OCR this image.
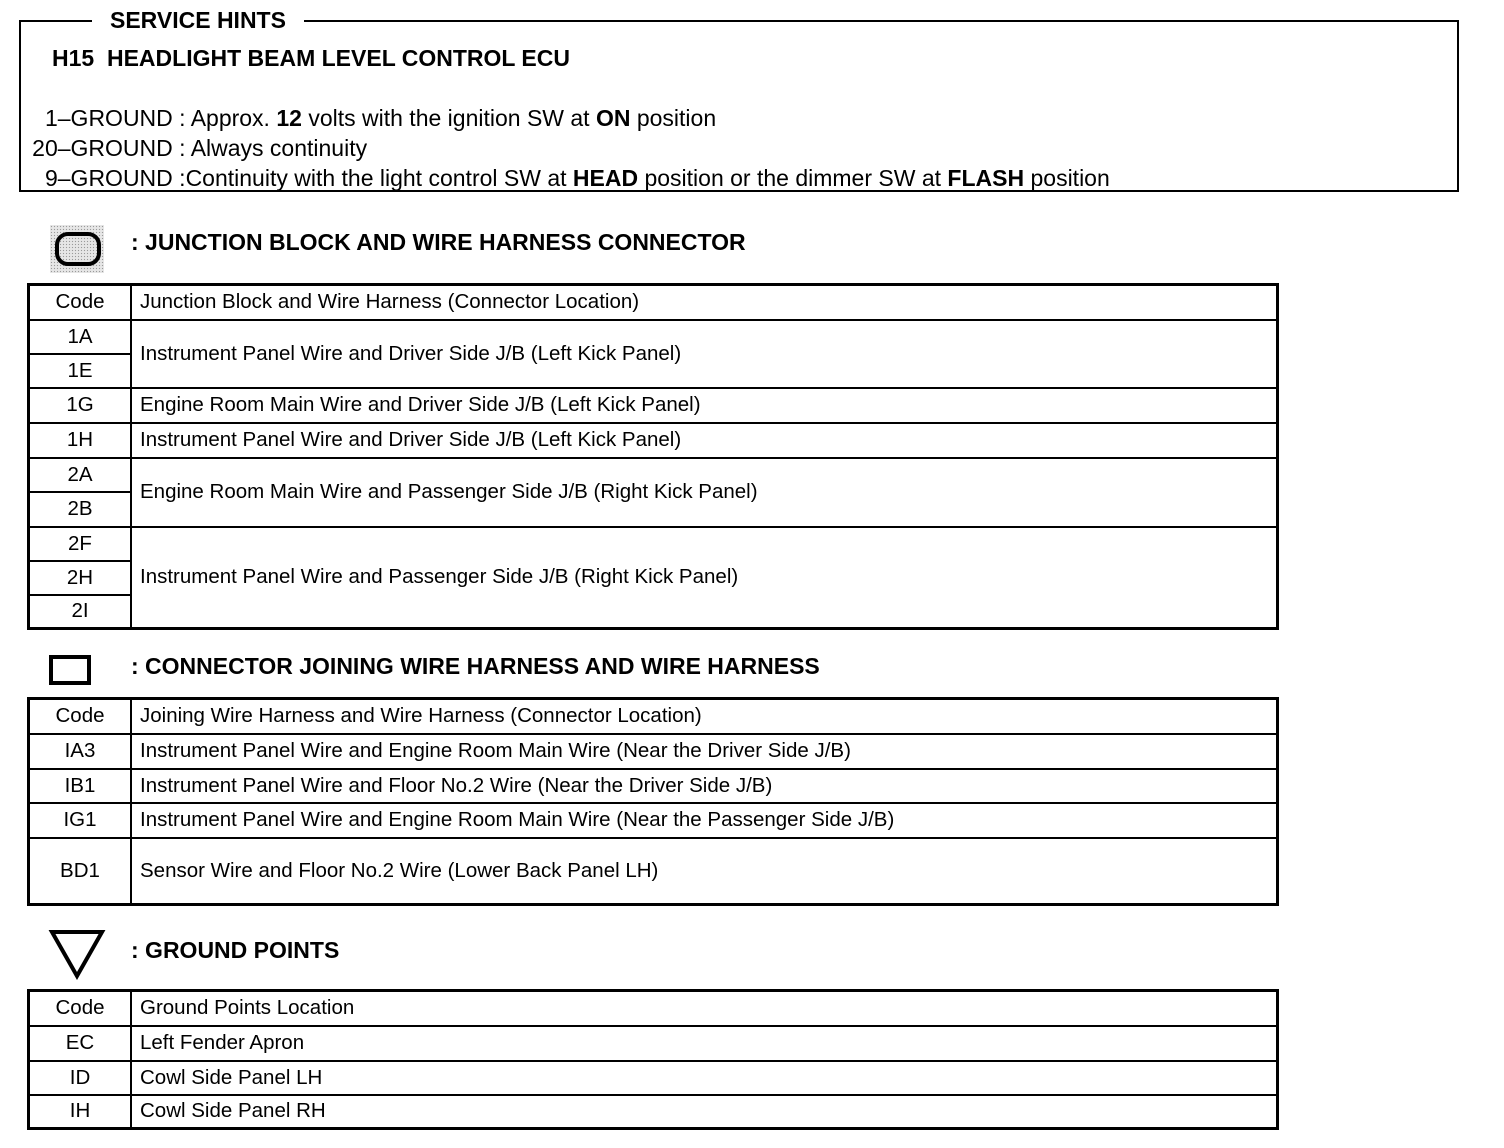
SERVICE HINTS
H15  HEADLIGHT BEAM LEVEL CONTROL ECU

1–GROUND : Approx. 12 volts with the ignition SW at ON position

20–GROUND : Always continuity

9–GROUND :Continuity with the light control SW at HEAD position or the dimmer SW at FLASH position

: JUNCTION BLOCK AND WIRE HARNESS CONNECTOR
Code	Junction Block and Wire Harness (Connector Location)
1A	Instrument Panel Wire and Driver Side J/B (Left Kick Panel)
1E	
1G	Engine Room Main Wire and Driver Side J/B (Left Kick Panel)
1H	Instrument Panel Wire and Driver Side J/B (Left Kick Panel)
2A	Engine Room Main Wire and Passenger Side J/B (Right Kick Panel)
2B	
2F	Instrument Panel Wire and Passenger Side J/B (Right Kick Panel)
2H	
2I	
: CONNECTOR JOINING WIRE HARNESS AND WIRE HARNESS
Code	Joining Wire Harness and Wire Harness (Connector Location)
IA3	Instrument Panel Wire and Engine Room Main Wire (Near the Driver Side J/B)
IB1	Instrument Panel Wire and Floor No.2 Wire (Near the Driver Side J/B)
IG1	Instrument Panel Wire and Engine Room Main Wire (Near the Passenger Side J/B)
BD1	Sensor Wire and Floor No.2 Wire (Lower Back Panel LH)
: GROUND POINTS
Code	Ground Points Location
EC	Left Fender Apron
ID	Cowl Side Panel LH
IH	Cowl Side Panel RH
